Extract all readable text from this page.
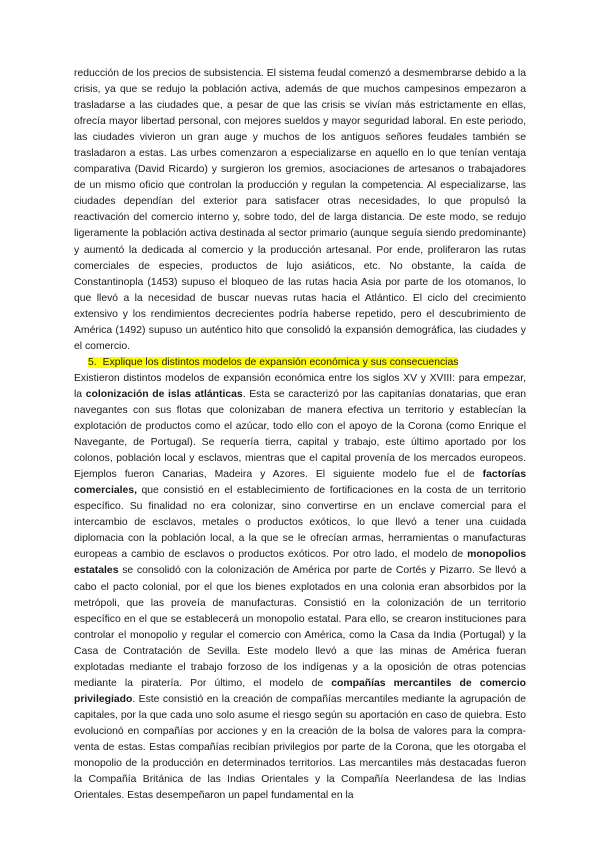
reducción de los precios de subsistencia. El sistema feudal comenzó a desmembrarse debido a la crisis, ya que se redujo la población activa, además de que muchos campesinos empezaron a trasladarse a las ciudades que, a pesar de que las crisis se vivían más estrictamente en ellas, ofrecía mayor libertad personal, con mejores sueldos y mayor seguridad laboral. En este periodo, las ciudades vivieron un gran auge y muchos de los antiguos señores feudales también se trasladaron a estas. Las urbes comenzaron a especializarse en aquello en lo que tenían ventaja comparativa (David Ricardo) y surgieron los gremios, asociaciones de artesanos o trabajadores de un mismo oficio que controlan la producción y regulan la competencia. Al especializarse, las ciudades dependían del exterior para satisfacer otras necesidades, lo que propulsó la reactivación del comercio interno y, sobre todo, del de larga distancia. De este modo, se redujo ligeramente la población activa destinada al sector primario (aunque seguía siendo predominante) y aumentó la dedicada al comercio y la producción artesanal. Por ende, proliferaron las rutas comerciales de especies, productos de lujo asiáticos, etc. No obstante, la caída de Constantinopla (1453) supuso el bloqueo de las rutas hacia Asia por parte de los otomanos, lo que llevó a la necesidad de buscar nuevas rutas hacia el Atlántico. El ciclo del crecimiento extensivo y los rendimientos decrecientes podría haberse repetido, pero el descubrimiento de América (1492) supuso un auténtico hito que consolidó la expansión demográfica, las ciudades y el comercio.

5. Explique los distintos modelos de expansión económica y sus consecuencias

Existieron distintos modelos de expansión económica entre los siglos XV y XVIII: para empezar, la colonización de islas atlánticas. Esta se caracterizó por las capitanías donatarias, que eran navegantes con sus flotas que colonizaban de manera efectiva un territorio y establecían la explotación de productos como el azúcar, todo ello con el apoyo de la Corona (como Enrique el Navegante, de Portugal). Se requería tierra, capital y trabajo, este último aportado por los colonos, población local y esclavos, mientras que el capital provenía de los mercados europeos. Ejemplos fueron Canarias, Madeira y Azores. El siguiente modelo fue el de factorías comerciales, que consistió en el establecimiento de fortificaciones en la costa de un territorio específico. Su finalidad no era colonizar, sino convertirse en un enclave comercial para el intercambio de esclavos, metales o productos exóticos, lo que llevó a tener una cuidada diplomacia con la población local, a la que se le ofrecían armas, herramientas o manufacturas europeas a cambio de esclavos o productos exóticos. Por otro lado, el modelo de monopolios estatales se consolidó con la colonización de América por parte de Cortés y Pizarro. Se llevó a cabo el pacto colonial, por el que los bienes explotados en una colonia eran absorbidos por la metrópoli, que las proveía de manufacturas. Consistió en la colonización de un territorio específico en el que se establecerá un monopolio estatal. Para ello, se crearon instituciones para controlar el monopolio y regular el comercio con América, como la Casa da India (Portugal) y la Casa de Contratación de Sevilla. Este modelo llevó a que las minas de América fueran explotadas mediante el trabajo forzoso de los indígenas y a la oposición de otras potencias mediante la piratería. Por último, el modelo de compañías mercantiles de comercio privilegiado. Este consistió en la creación de compañías mercantiles mediante la agrupación de capitales, por la que cada uno solo asume el riesgo según su aportación en caso de quiebra. Esto evolucionó en compañías por acciones y en la creación de la bolsa de valores para la compra-venta de estas. Estas compañías recibían privilegios por parte de la Corona, que les otorgaba el monopolio de la producción en determinados territorios. Las mercantiles más destacadas fueron la Compañía Británica de las Indias Orientales y la Compañía Neerlandesa de las Indias Orientales. Estas desempeñaron un papel fundamental en la
